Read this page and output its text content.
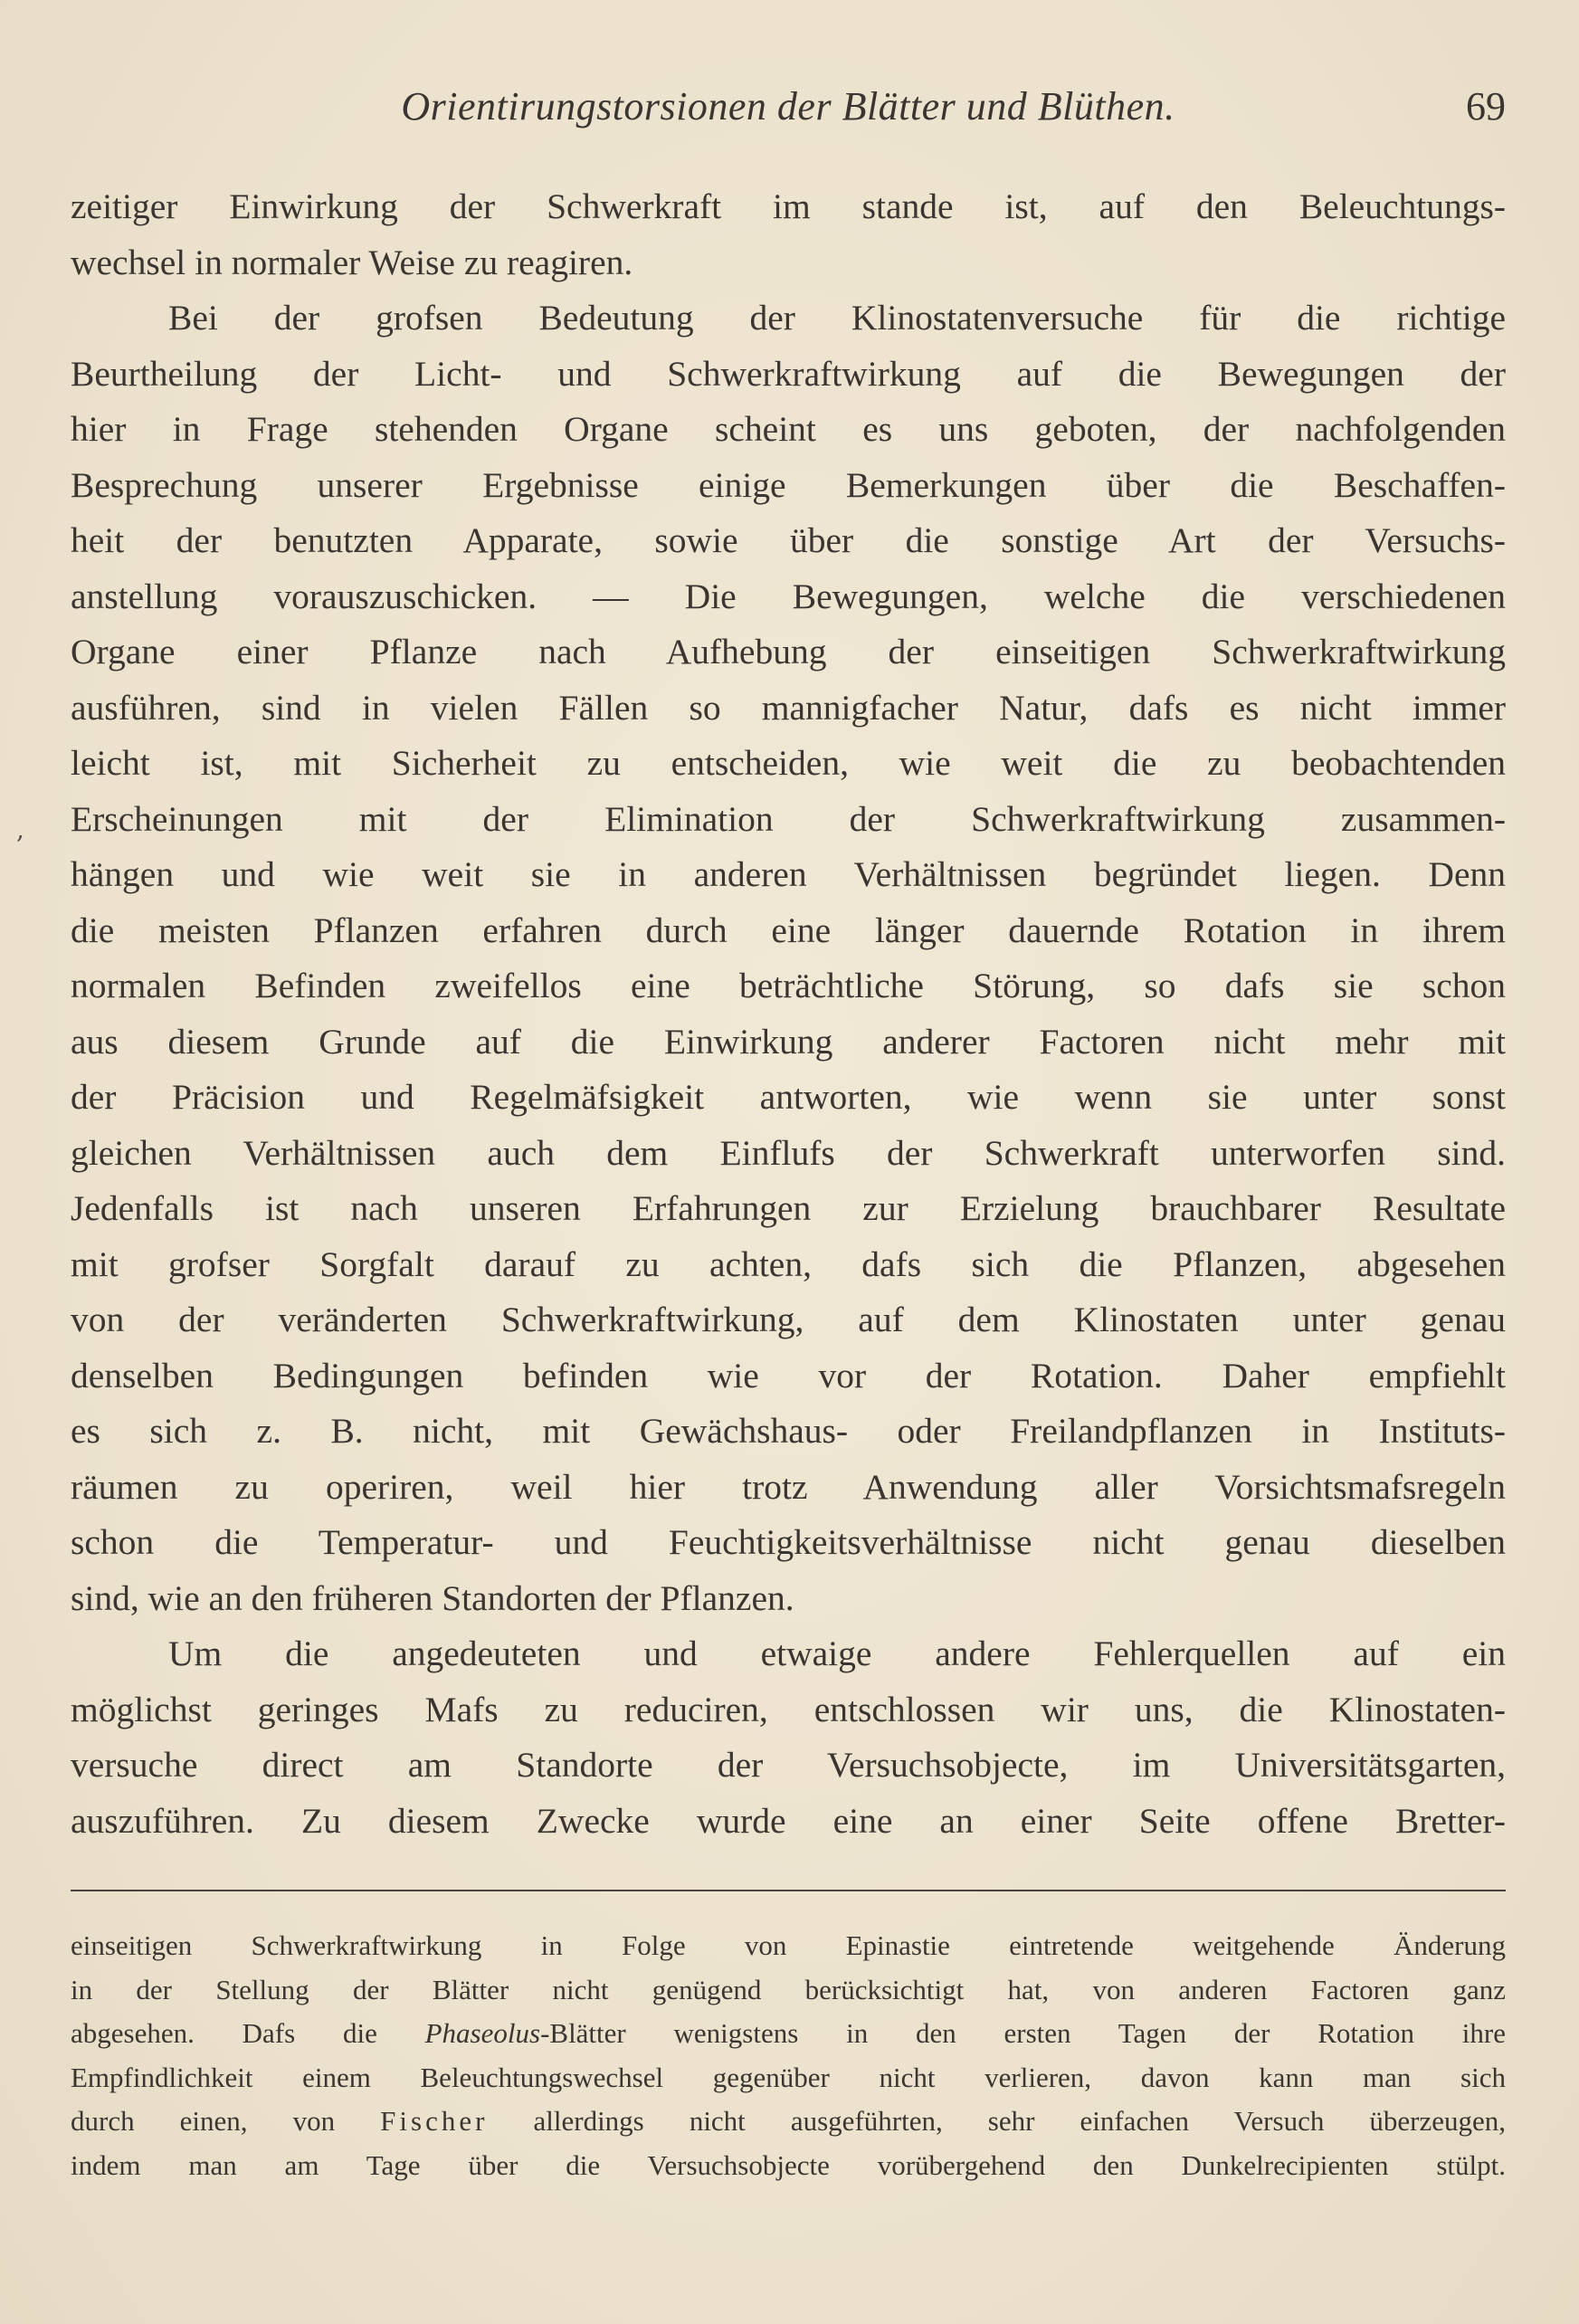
Orientirungstorsionen der Blätter und Blüthen.	69
,
zeitiger Einwirkung der Schwerkraft im stande ist, auf den Beleuchtungs-
wechsel in normaler Weise zu reagiren.
Bei der grofsen Bedeutung der Klinostatenversuche für die richtige
Beurtheilung der Licht- und Schwerkraftwirkung auf die Bewegungen der
hier in Frage stehenden Organe scheint es uns geboten, der nachfolgenden
Besprechung unserer Ergebnisse einige Bemerkungen über die Beschaffen-
heit der benutzten Apparate, sowie über die sonstige Art der Versuchs-
anstellung vorauszuschicken. — Die Bewegungen, welche die verschiedenen
Organe einer Pflanze nach Aufhebung der einseitigen Schwerkraftwirkung
ausführen, sind in vielen Fällen so mannigfacher Natur, dafs es nicht immer
leicht ist, mit Sicherheit zu entscheiden, wie weit die zu beobachtenden
Erscheinungen mit der Elimination der Schwerkraftwirkung zusammen-
hängen und wie weit sie in anderen Verhältnissen begründet liegen. Denn
die meisten Pflanzen erfahren durch eine länger dauernde Rotation in ihrem
normalen Befinden zweifellos eine beträchtliche Störung, so dafs sie schon
aus diesem Grunde auf die Einwirkung anderer Factoren nicht mehr mit
der Präcision und Regelmäfsigkeit antworten, wie wenn sie unter sonst
gleichen Verhältnissen auch dem Einflufs der Schwerkraft unterworfen sind.
Jedenfalls ist nach unseren Erfahrungen zur Erzielung brauchbarer Resultate
mit grofser Sorgfalt darauf zu achten, dafs sich die Pflanzen, abgesehen
von der veränderten Schwerkraftwirkung, auf dem Klinostaten unter genau
denselben Bedingungen befinden wie vor der Rotation. Daher empfiehlt
es sich z. B. nicht, mit Gewächshaus- oder Freilandpflanzen in Instituts-
räumen zu operiren, weil hier trotz Anwendung aller Vorsichtsmafsregeln
schon die Temperatur- und Feuchtigkeitsverhältnisse nicht genau dieselben
sind, wie an den früheren Standorten der Pflanzen.
Um die angedeuteten und etwaige andere Fehlerquellen auf ein
möglichst geringes Mafs zu reduciren, entschlossen wir uns, die Klinostaten-
versuche direct am Standorte der Versuchsobjecte, im Universitätsgarten,
auszuführen. Zu diesem Zwecke wurde eine an einer Seite offene Bretter-
einseitigen Schwerkraftwirkung in Folge von Epinastie eintretende weitgehende Änderung
in der Stellung der Blätter nicht genügend berücksichtigt hat, von anderen Factoren ganz
abgesehen. Dafs die Phaseolus-Blätter wenigstens in den ersten Tagen der Rotation ihre
Empfindlichkeit einem Beleuchtungswechsel gegenüber nicht verlieren, davon kann man sich
durch einen, von Fischer allerdings nicht ausgeführten, sehr einfachen Versuch überzeugen,
indem man am Tage über die Versuchsobjecte vorübergehend den Dunkelrecipienten stülpt.
